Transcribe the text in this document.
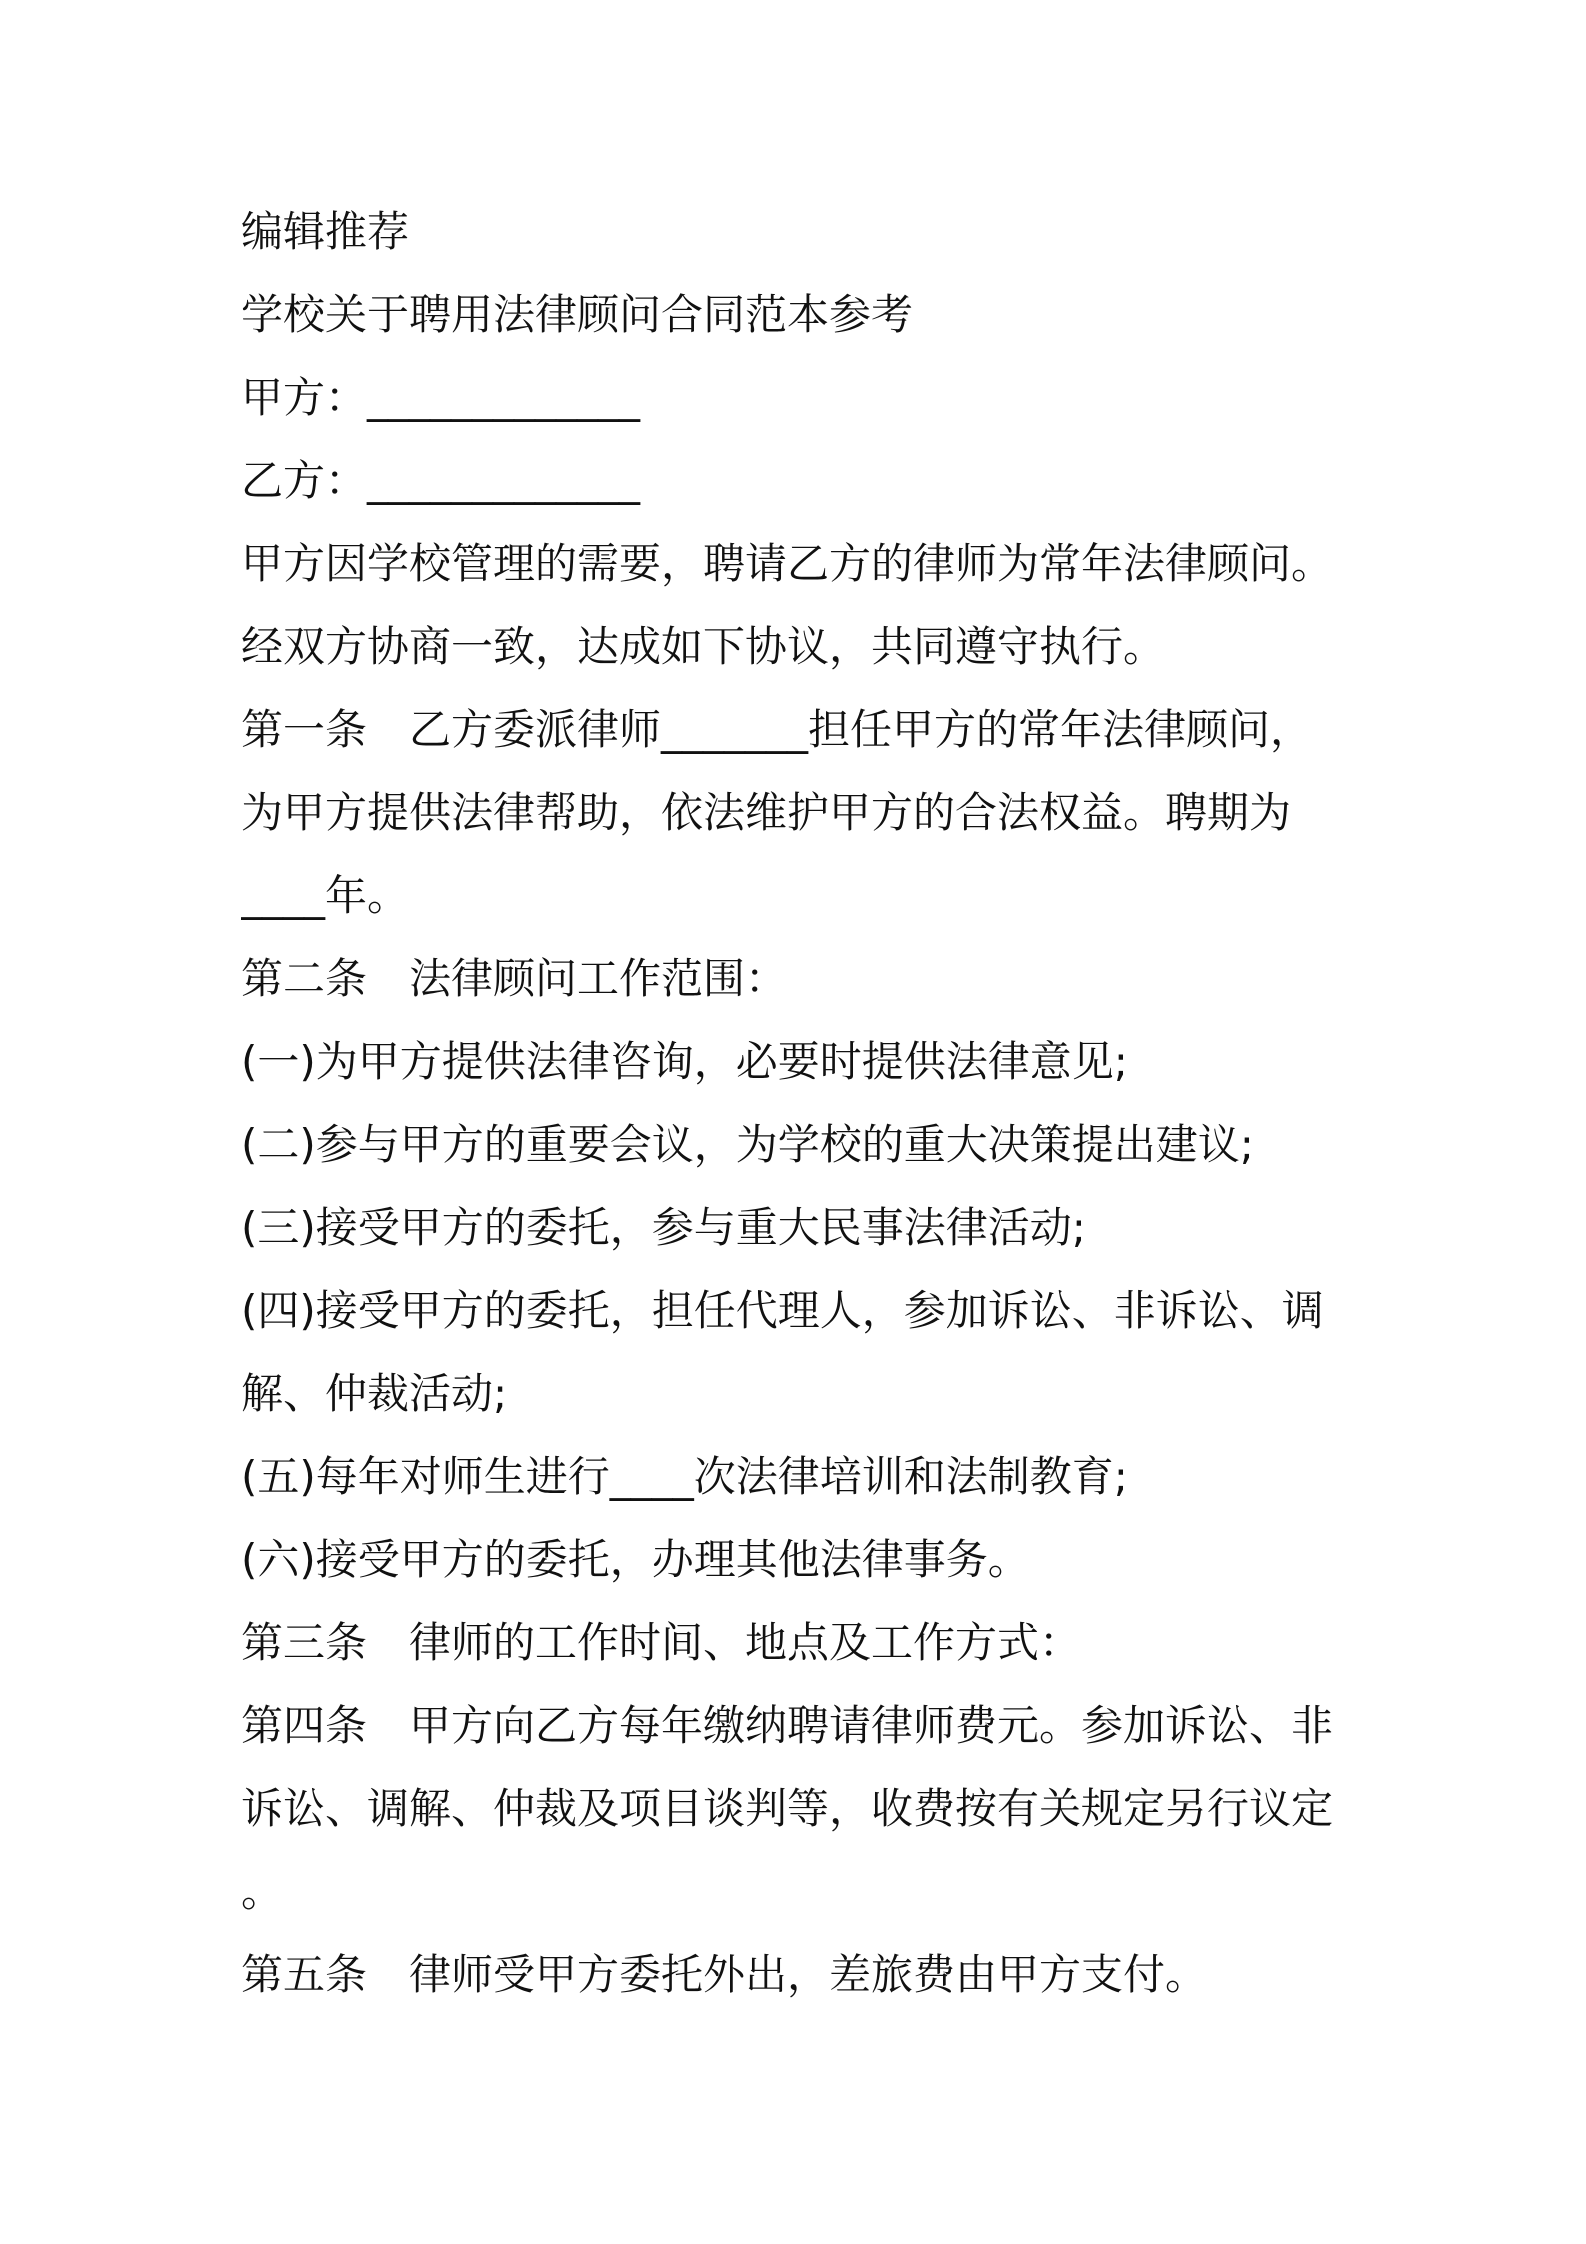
编辑推荐
学校关于聘用法律顾问合同范本参考
甲方：_____________
乙方：_____________
甲方因学校管理的需要，聘请乙方的律师为常年法律顾问。
经双方协商一致，达成如下协议，共同遵守执行。
第一条 乙方委派律师_______担任甲方的常年法律顾问，
为甲方提供法律帮助，依法维护甲方的合法权益。聘期为
____年。
第二条 法律顾问工作范围：
(一)为甲方提供法律咨询，必要时提供法律意见;
(二)参与甲方的重要会议，为学校的重大决策提出建议;
(三)接受甲方的委托，参与重大民事法律活动;
(四)接受甲方的委托，担任代理人，参加诉讼、非诉讼、调
解、仲裁活动;
(五)每年对师生进行____次法律培训和法制教育;
(六)接受甲方的委托，办理其他法律事务。
第三条 律师的工作时间、地点及工作方式：
第四条 甲方向乙方每年缴纳聘请律师费元。参加诉讼、非
诉讼、调解、仲裁及项目谈判等，收费按有关规定另行议定
。
第五条 律师受甲方委托外出，差旅费由甲方支付。
